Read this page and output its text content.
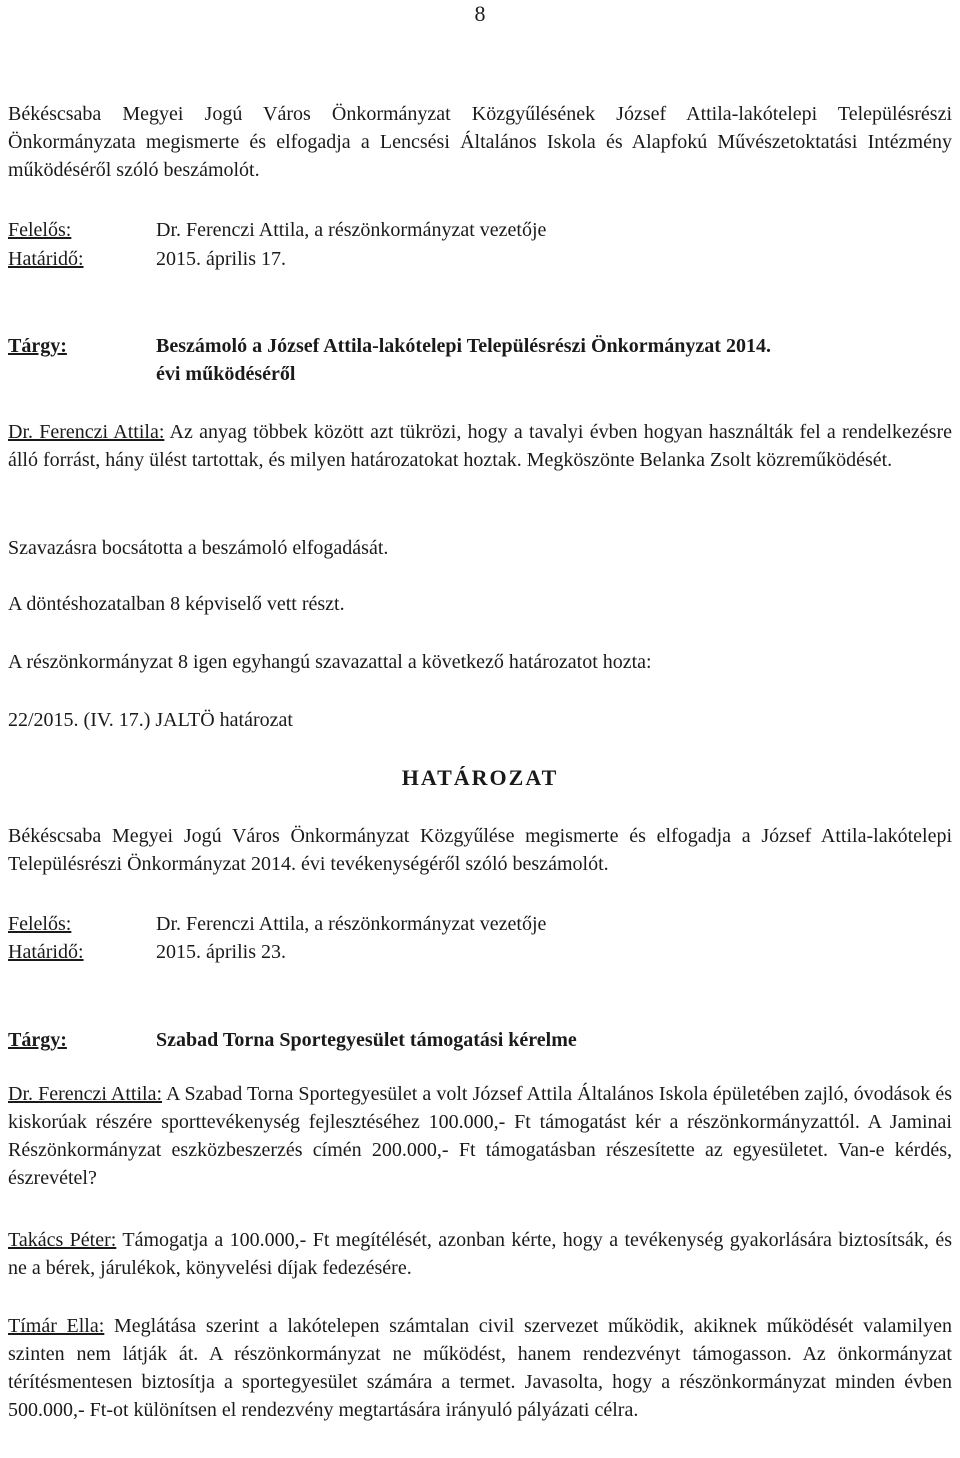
8

Békéscsaba Megyei Jogú Város Önkormányzat Közgyűlésének József Attila-lakótelepi Településrészi Önkormányzata megismerte és elfogadja a Lencsési Általános Iskola és Alapfokú Művészetoktatási Intézmény működéséről szóló beszámolót.

Felelős:	Dr. Ferenczi Attila, a részönkormányzat vezetője
Határidő:	2015. április 17.
Tárgy:	Beszámoló a József Attila-lakótelepi Településrészi Önkormányzat 2014.
évi működéséről

Dr. Ferenczi Attila: Az anyag többek között azt tükrözi, hogy a tavalyi évben hogyan használták fel a rendelkezésre álló forrást, hány ülést tartottak, és milyen határozatokat hoztak. Megköszönte Belanka Zsolt közreműködését.

Szavazásra bocsátotta a beszámoló elfogadását.

A döntéshozatalban 8 képviselő vett részt.

A részönkormányzat 8 igen egyhangú szavazattal a következő határozatot hozta:

22/2015. (IV. 17.) JALTÖ határozat

HATÁROZAT

Békéscsaba Megyei Jogú Város Önkormányzat Közgyűlése megismerte és elfogadja a József Attila-lakótelepi Településrészi Önkormányzat 2014. évi tevékenységéről szóló beszámolót.

Felelős:	Dr. Ferenczi Attila, a részönkormányzat vezetője
Határidő:	2015. április 23.
Tárgy:	Szabad Torna Sportegyesület támogatási kérelme

Dr. Ferenczi Attila: A Szabad Torna Sportegyesület a volt József Attila Általános Iskola épületében zajló, óvodások és kiskorúak részére sporttevékenység fejlesztéséhez 100.000,- Ft támogatást kér a részönkormányzattól. A Jaminai Részönkormányzat eszközbeszerzés címén 200.000,- Ft támogatásban részesítette az egyesületet. Van-e kérdés, észrevétel?

Takács Péter: Támogatja a 100.000,- Ft megítélését, azonban kérte, hogy a tevékenység gyakorlására biztosítsák, és ne a bérek, járulékok, könyvelési díjak fedezésére.

Tímár Ella: Meglátása szerint a lakótelepen számtalan civil szervezet működik, akiknek működését valamilyen szinten nem látják át. A részönkormányzat ne működést, hanem rendezvényt támogasson. Az önkormányzat térítésmentesen biztosítja a sportegyesület számára a termet. Javasolta, hogy a részönkormányzat minden évben 500.000,- Ft-ot különítsen el rendezvény megtartására irányuló pályázati célra.
